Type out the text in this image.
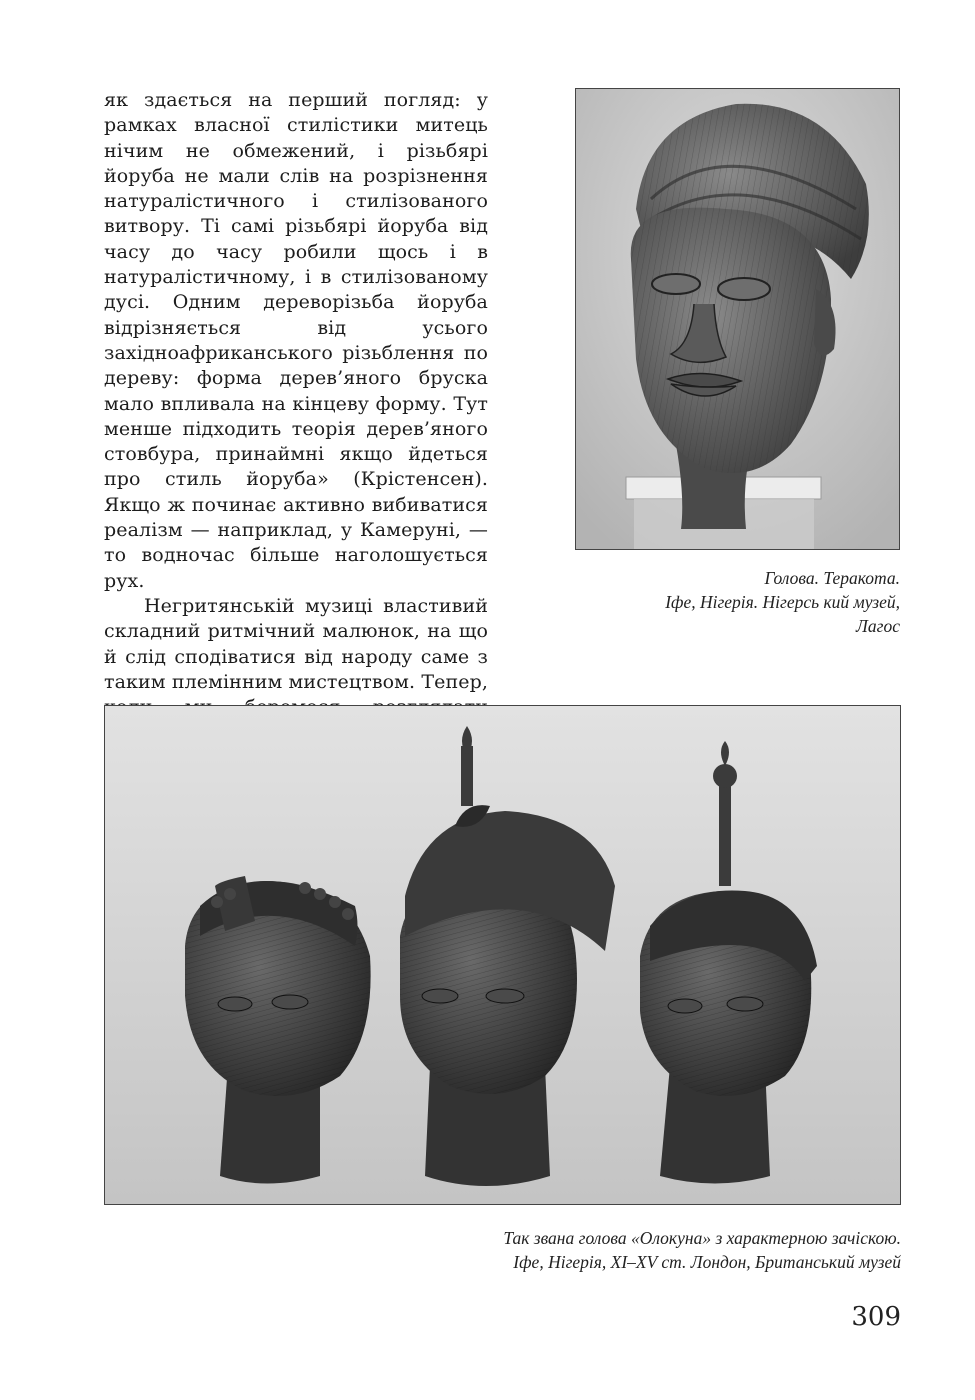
як здається на перший погляд: у рамках власної стилістики митець нічим не обмежений, і різьбярі йоруба не мали слів на розрізнення натуралістичного і стилізованого витвору. Ті самі різьбярі йоруба від часу до часу робили щось і в натуралістичному, і в стилізованому дусі. Одним дереворізьба йоруба відрізняється від усього західноафриканського різьблення по дереву: форма дерев’яного бруска мало впливала на кінцеву форму. Тут менше підходить теорія дерев’яного стовбура, принаймні якщо йдеться про стиль йоруба» (Крістенсен). Якщо ж починає активно вибиватися реалізм — наприклад, у Камеруні, — то водночас більше наголошується рух.

Негритянській музиці властивий складний ритмічний малюнок, на що й слід сподіватися від народу саме з таким племінним мистецтвом. Тепер,

Голова. Теракота.
Іфе, Нігерія. Нігерсь кий музей,
Лагос
Так звана голова «Олокуна» з характерною зачіскою.
Іфе, Нігерія, XI–XV ст. Лондон, Британський музей
309
